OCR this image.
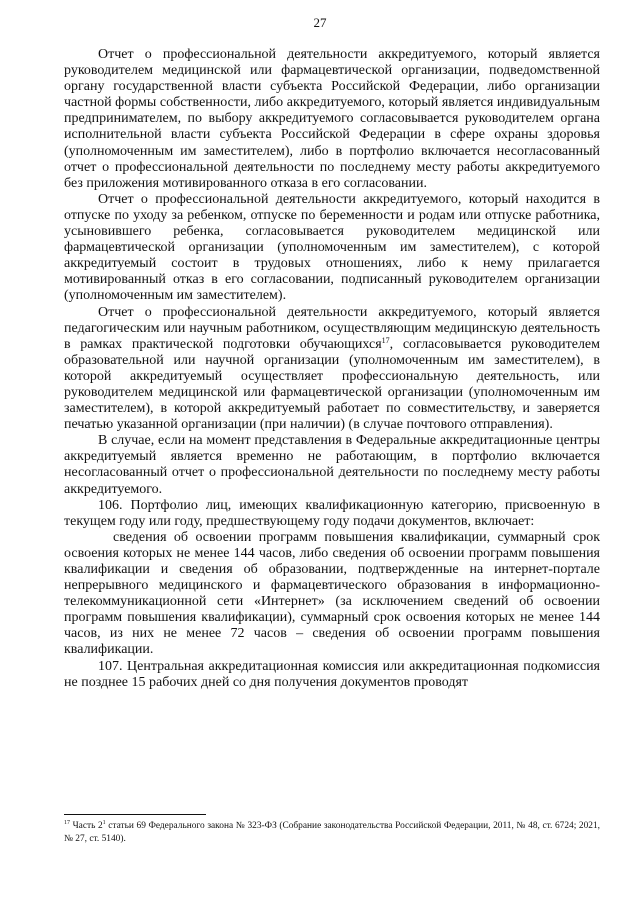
27

Отчет о профессиональной деятельности аккредитуемого, который является руководителем медицинской или фармацевтической организации, подведомственной органу государственной власти субъекта Российской Федерации, либо организации частной формы собственности, либо аккредитуемого, который является индивидуальным предпринимателем, по выбору аккредитуемого согласовывается руководителем органа исполнительной власти субъекта Российской Федерации в сфере охраны здоровья (уполномоченным им заместителем), либо в портфолио включается несогласованный отчет о профессиональной деятельности по последнему месту работы аккредитуемого без приложения мотивированного отказа в его согласовании.

Отчет о профессиональной деятельности аккредитуемого, который находится в отпуске по уходу за ребенком, отпуске по беременности и родам или отпуске работника, усыновившего ребенка, согласовывается руководителем медицинской или фармацевтической организации (уполномоченным им заместителем), с которой аккредитуемый состоит в трудовых отношениях, либо к нему прилагается мотивированный отказ в его согласовании, подписанный руководителем организации (уполномоченным им заместителем).

Отчет о профессиональной деятельности аккредитуемого, который является педагогическим или научным работником, осуществляющим медицинскую деятельность в рамках практической подготовки обучающихся$^{17}$, согласовывается руководителем образовательной или научной организации (уполномоченным им заместителем), в которой аккредитуемый осуществляет профессиональную деятельность, или руководителем медицинской или фармацевтической организации (уполномоченным им заместителем), в которой аккредитуемый работает по совместительству, и заверяется печатью указанной организации (при наличии) (в случае почтового отправления).

В случае, если на момент представления в Федеральные аккредитационные центры аккредитуемый является временно не работающим, в портфолио включается несогласованный отчет о профессиональной деятельности по последнему месту работы аккредитуемого.

106. Портфолио лиц, имеющих квалификационную категорию, присвоенную в текущем году или году, предшествующему году подачи документов, включает:

сведения об освоении программ повышения квалификации, суммарный срок освоения которых не менее 144 часов, либо сведения об освоении программ повышения квалификации и сведения об образовании, подтвержденные на интернет-портале непрерывного медицинского и фармацевтического образования в информационно-телекоммуникационной сети «Интернет» (за исключением сведений об освоении программ повышения квалификации), суммарный срок освоения которых не менее 144 часов, из них не менее 72 часов – сведения об освоении программ повышения квалификации.

107. Центральная аккредитационная комиссия или аккредитационная подкомиссия не позднее 15 рабочих дней со дня получения документов проводят

$^{17}$ Часть $2^1$ статьи 69 Федерального закона № 323-ФЗ (Собрание законодательства Российской Федерации, 2011, № 48, ст. 6724; 2021, № 27, ст. 5140).
